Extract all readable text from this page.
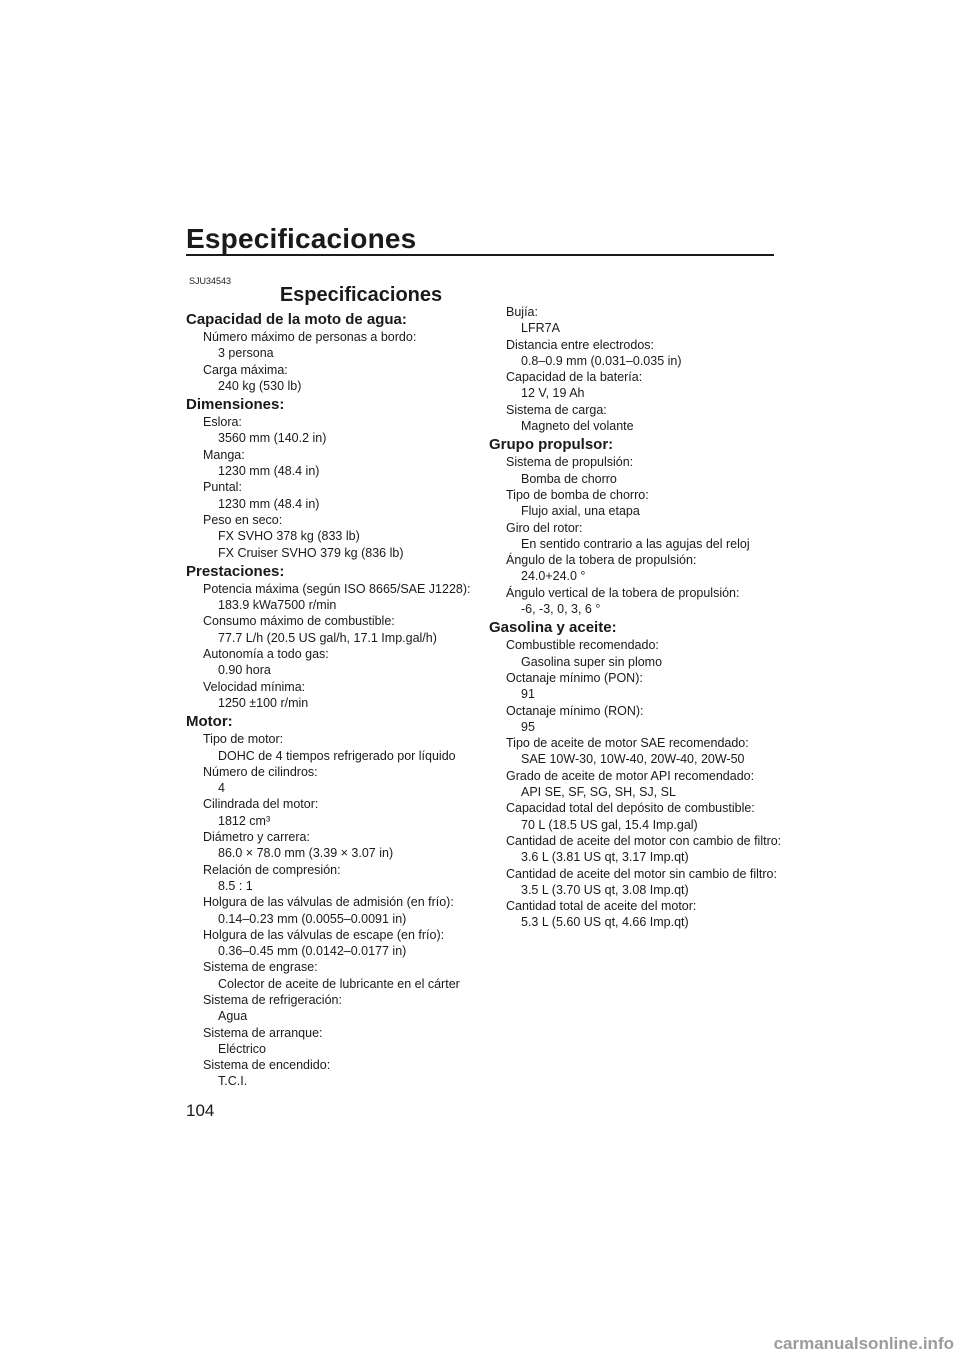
Especificaciones
SJU34543
Especificaciones
Capacidad de la moto de agua:
Número máximo de personas a bordo:
3 persona
Carga máxima:
240 kg (530 lb)
Dimensiones:
Eslora:
3560 mm (140.2 in)
Manga:
1230 mm (48.4 in)
Puntal:
1230 mm (48.4 in)
Peso en seco:
FX SVHO 378 kg (833 lb)
FX Cruiser SVHO 379 kg (836 lb)
Prestaciones:
Potencia máxima (según ISO 8665/SAE J1228):
183.9 kWa7500 r/min
Consumo máximo de combustible:
77.7 L/h (20.5 US gal/h, 17.1 Imp.gal/h)
Autonomía a todo gas:
0.90 hora
Velocidad mínima:
1250 ±100 r/min
Motor:
Tipo de motor:
DOHC de 4 tiempos refrigerado por líquido
Número de cilindros:
4
Cilindrada del motor:
1812 cm³
Diámetro y carrera:
86.0 × 78.0 mm (3.39 × 3.07 in)
Relación de compresión:
8.5 : 1
Holgura de las válvulas de admisión (en frío):
0.14–0.23 mm (0.0055–0.0091 in)
Holgura de las válvulas de escape (en frío):
0.36–0.45 mm (0.0142–0.0177 in)
Sistema de engrase:
Colector de aceite de lubricante en el cárter
Sistema de refrigeración:
Agua
Sistema de arranque:
Eléctrico
Sistema de encendido:
T.C.I.
Bujía:
LFR7A
Distancia entre electrodos:
0.8–0.9 mm (0.031–0.035 in)
Capacidad de la batería:
12 V, 19 Ah
Sistema de carga:
Magneto del volante
Grupo propulsor:
Sistema de propulsión:
Bomba de chorro
Tipo de bomba de chorro:
Flujo axial, una etapa
Giro del rotor:
En sentido contrario a las agujas del reloj
Ángulo de la tobera de propulsión:
24.0+24.0 °
Ángulo vertical de la tobera de propulsión:
-6, -3, 0, 3, 6 °
Gasolina y aceite:
Combustible recomendado:
Gasolina super sin plomo
Octanaje mínimo (PON):
91
Octanaje mínimo (RON):
95
Tipo de aceite de motor SAE recomendado:
SAE 10W-30, 10W-40, 20W-40, 20W-50
Grado de aceite de motor API recomendado:
API SE, SF, SG, SH, SJ, SL
Capacidad total del depósito de combustible:
70 L (18.5 US gal, 15.4 Imp.gal)
Cantidad de aceite del motor con cambio de filtro:
3.6 L (3.81 US qt, 3.17 Imp.qt)
Cantidad de aceite del motor sin cambio de filtro:
3.5 L (3.70 US qt, 3.08 Imp.qt)
Cantidad total de aceite del motor:
5.3 L (5.60 US qt, 4.66 Imp.qt)
104
carmanualsonline.info
